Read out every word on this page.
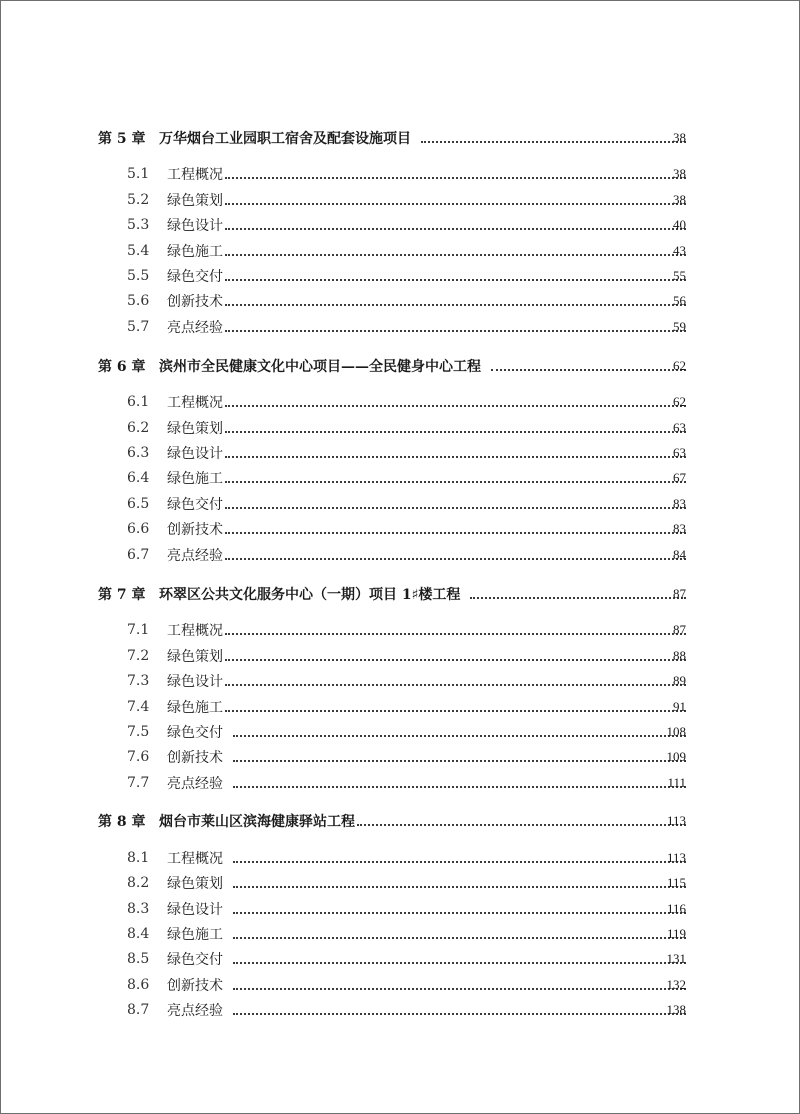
第 5 章 万华烟台工业园职工宿舍及配套设施项目	38
5.1 工程概况	38
5.2 绿色策划	38
5.3 绿色设计	40
5.4 绿色施工	43
5.5 绿色交付	55
5.6 创新技术	56
5.7 亮点经验	59
第 6 章 滨州市全民健康文化中心项目——全民健身中心工程	62
6.1 工程概况	62
6.2 绿色策划	63
6.3 绿色设计	63
6.4 绿色施工	67
6.5 绿色交付	83
6.6 创新技术	83
6.7 亮点经验	84
第 7 章 环翠区公共文化服务中心（一期）项目 1♯楼工程	87
7.1 工程概况	87
7.2 绿色策划	88
7.3 绿色设计	89
7.4 绿色施工	91
7.5 绿色交付	108
7.6 创新技术	109
7.7 亮点经验	111
第 8 章 烟台市莱山区滨海健康驿站工程	113
8.1 工程概况	113
8.2 绿色策划	115
8.3 绿色设计	116
8.4 绿色施工	119
8.5 绿色交付	131
8.6 创新技术	132
8.7 亮点经验	138
